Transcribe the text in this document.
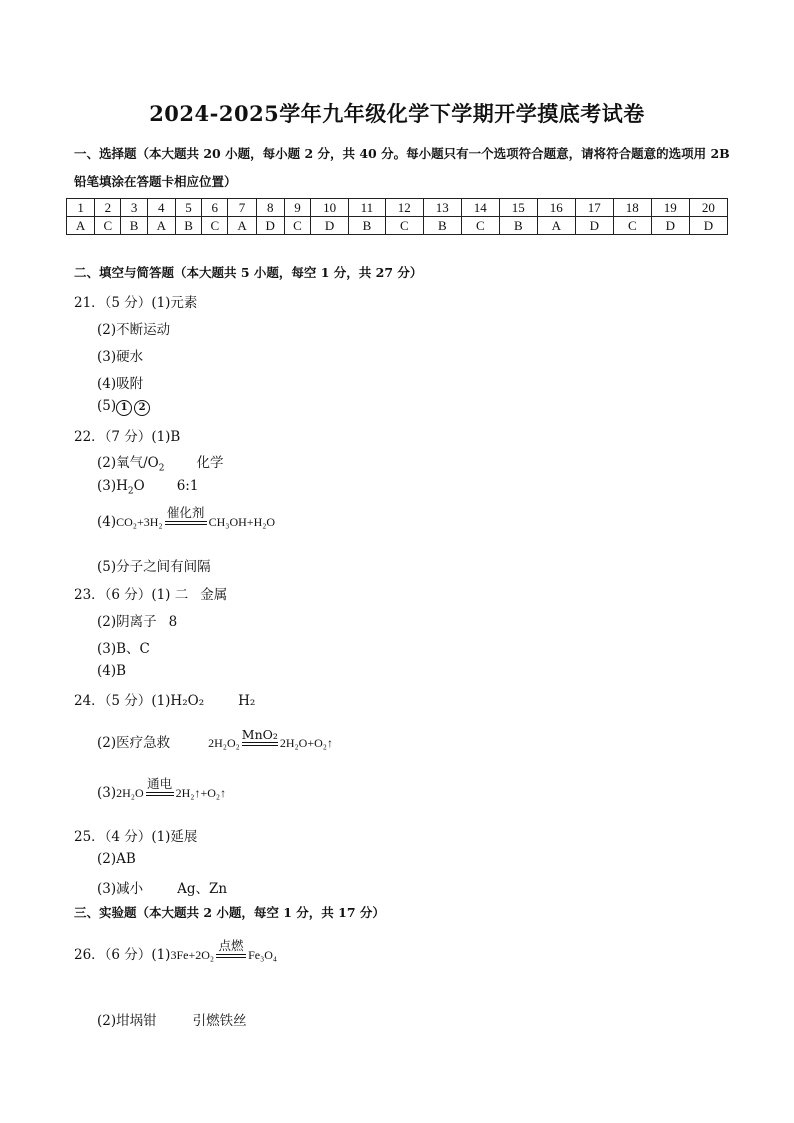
2024-2025学年九年级化学下学期开学摸底考试卷
一、选择题（本大题共 20 小题，每小题 2 分，共 40 分。每小题只有一个选项符合题意，请将符合题意的选项用 2B 铅笔填涂在答题卡相应位置）
1	2	3	4	5	6	7	8	9	10	11	12	13	14	15	16	17	18	19	20
A	C	B	A	B	C	A	D	C	D	B	C	B	C	B	A	D	C	D	D
二、填空与简答题（本大题共 5 小题，每空 1 分，共 27 分）
21．（5 分）(1)元素
(2)不断运动
(3)硬水
(4)吸附
(5) 1 2
22．（7 分）(1)B
(2)氧气$/O_2$ 化学
$(3)H_2O$ 6:1
(4)CO₂+3H₂
催化剂
CH₃OH+H₂O
(5)分子之间有间隔
23．（6 分）(1) 二 金属
(2)阴离子 8
(3)B、C
(4)B
24．（5 分）(1)H₂O₂	H₂
(2)医疗急救	2H₂O₂
MnO₂
2H₂O+O₂↑
(3)2H₂O
通电
2H₂↑+O₂↑
25．（4 分）(1)延展
(2)AB
(3)减小	Ag、Zn
三、实验题（本大题共 2 小题，每空 1 分，共 17 分）
26．（6 分）(1)3Fe+2O₂
点燃
Fe₃O₄
(2)坩埚钳	引燃铁丝
